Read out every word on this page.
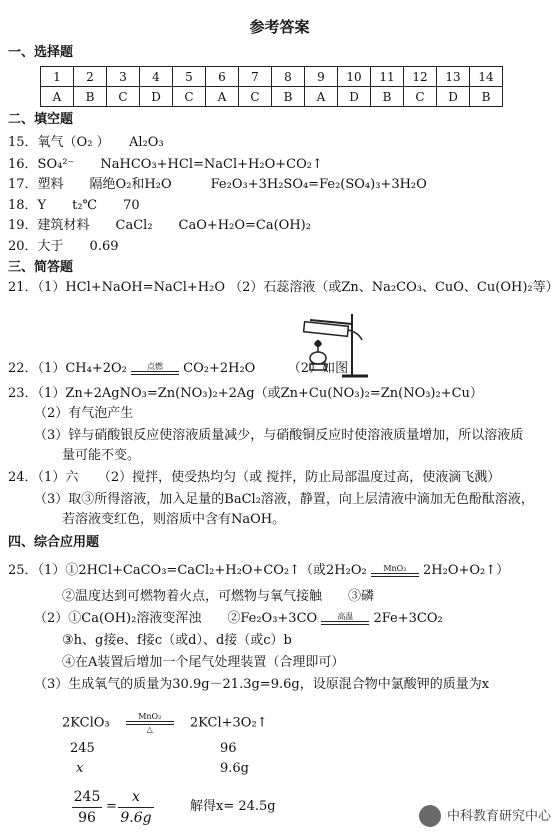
参考答案
一、选择题
1	2	3	4	5	6	7	8	9	10	11	12	13	14
A	B	C	D	C	A	C	B	A	D	B	C	D	B
二、填空题
15．氧气（O₂ ）　　Al₂O₃
16．SO₄²⁻　　NaHCO₃+HCl=NaCl+H₂O+CO₂↑
17．塑料　　隔绝O₂和H₂O　　　Fe₂O₃+3H₂SO₄=Fe₂(SO₄)₃+3H₂O
18．Y　　t₂℃　　70
19．建筑材料　　CaCl₂　　CaO+H₂O=Ca(OH)₂
20．大于　　0.69
三、简答题
21．（1）HCl+NaOH=NaCl+H₂O （2）石蕊溶液（或Zn、Na₂CO₃、CuO、Cu(OH)₂等）
22．（1）CH₄+2O₂	点燃	CO₂+2H₂O　　　（2）如图
23．（1）Zn+2AgNO₃=Zn(NO₃)₂+2Ag（或Zn+Cu(NO₃)₂=Zn(NO₃)₂+Cu）
（2）有气泡产生
（3）锌与硝酸银反应使溶液质量减少，与硝酸铜反应时使溶液质量增加，所以溶液质
量可能不变。
24．（1）六　　（2）搅拌，使受热均匀（或 搅拌，防止局部温度过高，使液滴飞溅）
（3）取③所得溶液，加入足量的BaCl₂溶液，静置，向上层清液中滴加无色酚酞溶液，
若溶液变红色，则溶质中含有NaOH。
四、综合应用题
25．（1）①2HCl+CaCO₃=CaCl₂+H₂O+CO₂↑（或2H₂O₂	MnO₂	2H₂O+O₂↑）
②温度达到可燃物着火点，可燃物与氧气接触　　③磷
（2）①Ca(OH)₂溶液变浑浊　　②Fe₂O₃+3CO	高温	2Fe+3CO₂
③h、g接e、f接c（或d）、d接（或c）b
④在A装置后增加一个尾气处理装置（合理即可）
（3）生成氧气的质量为30.9g－21.3g=9.6g，设原混合物中氯酸钾的质量为x
2KClO₃	MnO₂
△	2KCl+3O₂↑
245	96
x	9.6g
245
96
=
x
9.6g
解得x= 24.5g
中科教育研究中心
